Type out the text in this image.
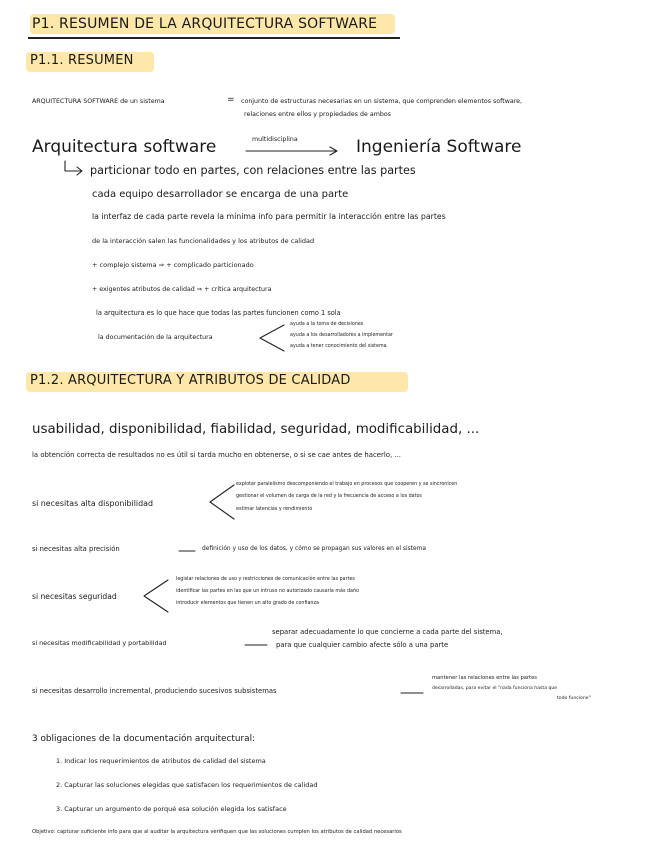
P1. RESUMEN DE LA ARQUITECTURA SOFTWARE
P1.1. RESUMEN
ARQUITECTURA SOFTWARE de un sistema	= conjunto de estructuras necesarias en un sistema, que comprenden elementos software,
relaciones entre ellos y propiedades de ambos
Arquitectura software	multidisciplina	Ingeniería Software
particionar todo en partes, con relaciones entre las partes
cada equipo desarrollador se encarga de una parte
la interfaz de cada parte revela la mínima info para permitir la interacción entre las partes
de la interacción salen las funcionalidades y los atributos de calidad
+ complejo sistema ⇒ + complicado particionado
+ exigentes atributos de calidad ⇒ + crítica arquitectura
la arquitectura es lo que hace que todas las partes funcionen como 1 sola
la documentación de la arquitectura
ayuda a la toma de decisiones
ayuda a los desarrolladores a implementar
ayuda a tener conocimiento del sistema
P1.2. ARQUITECTURA Y ATRIBUTOS DE CALIDAD
usabilidad, disponibilidad, fiabilidad, seguridad, modificabilidad, ...
la obtención correcta de resultados no es útil si tarda mucho en obtenerse, o si se cae antes de hacerlo, ...
si necesitas alta disponibilidad
explotar paralelismo descomponiendo el trabajo en procesos que cooperen y se sincronicen
gestionar el volumen de carga de la red y la frecuencia de acceso a los datos
estimar latencias y rendimiento
si necesitas alta precisión	definición y uso de los datos, y cómo se propagan sus valores en el sistema
si necesitas seguridad
legislar relaciones de uso y restricciones de comunicación entre las partes
identificar las partes en las que un intruso no autorizado causaría más daño
introducir elementos que tienen un alto grado de confianza
si necesitas modificabilidad y portabilidad
separar adecuadamente lo que concierne a cada parte del sistema,
para que cualquier cambio afecte sólo a una parte
si necesitas desarrollo incremental, produciendo sucesivos subsistemas
mantener las relaciones entre las partes
desarrolladas, para evitar el "nada funciona hasta que
todo funcione"
3 obligaciones de la documentación arquitectural:
1. Indicar los requerimientos de atributos de calidad del sistema
2. Capturar las soluciones elegidas que satisfacen los requerimientos de calidad
3. Capturar un argumento de porqué esa solución elegida los satisface
Objetivo: capturar suficiente info para que al auditar la arquitectura verifiquen que las soluciones cumplen los atributos de calidad necesarios
